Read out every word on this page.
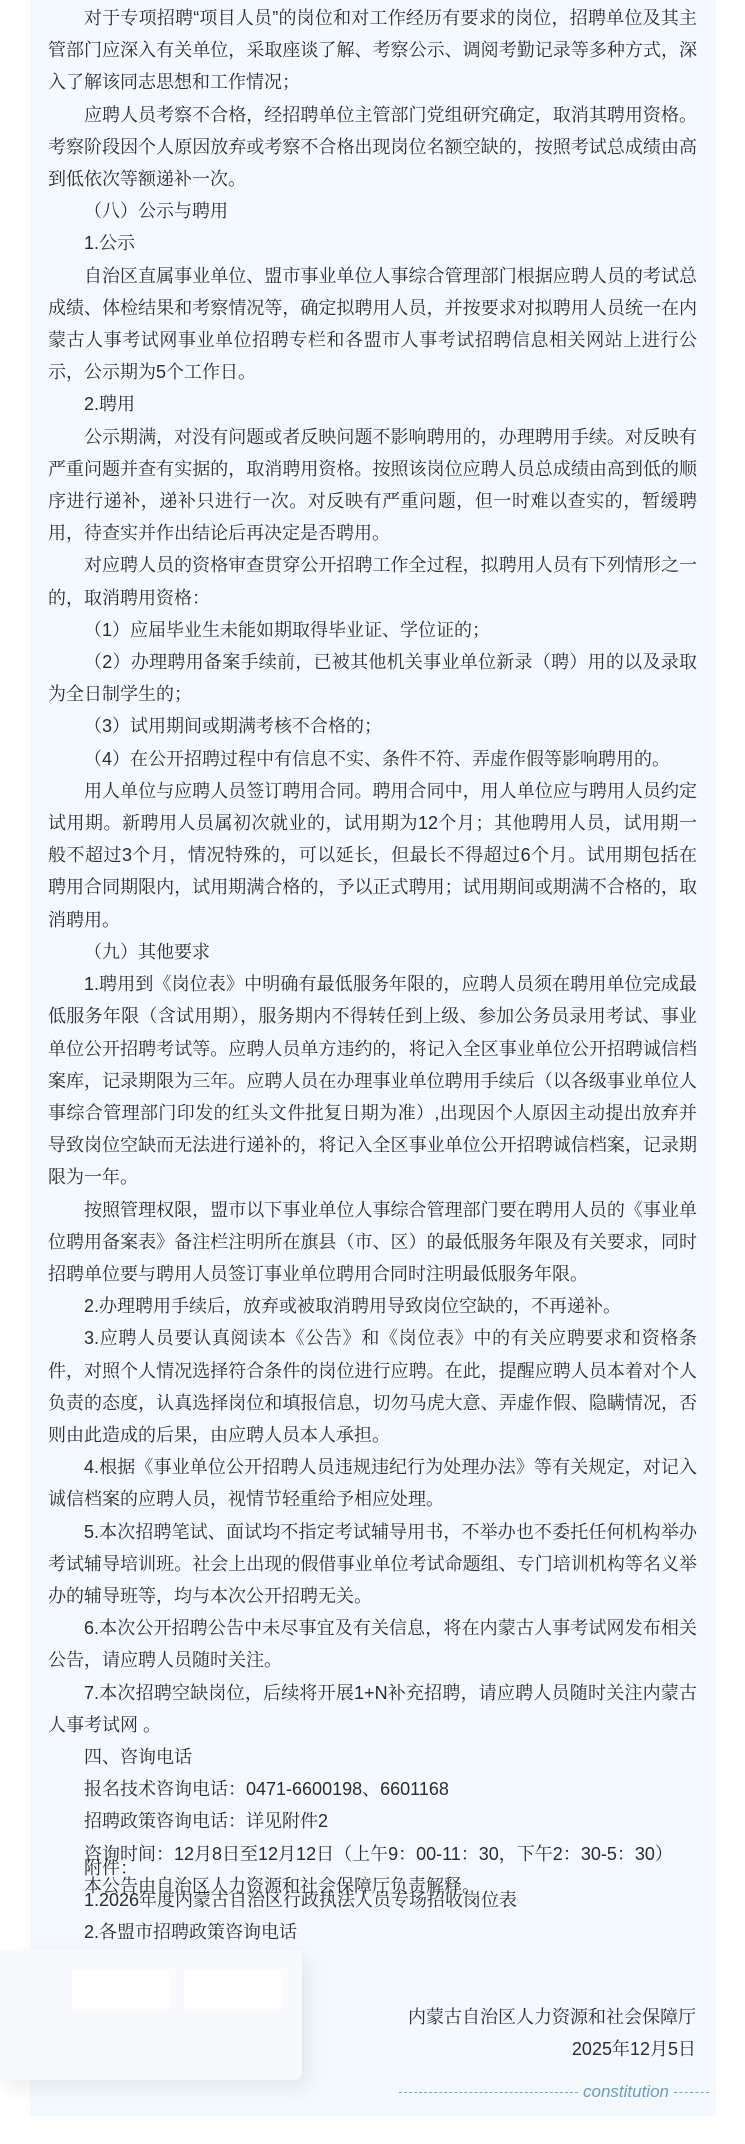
对于专项招聘“项目人员”的岗位和对工作经历有要求的岗位，招聘单位及其主管部门应深入有关单位，采取座谈了解、考察公示、调阅考勤记录等多种方式，深入了解该同志思想和工作情况；

应聘人员考察不合格，经招聘单位主管部门党组研究确定，取消其聘用资格。考察阶段因个人原因放弃或考察不合格出现岗位名额空缺的，按照考试总成绩由高到低依次等额递补一次。

（八）公示与聘用

1.公示

自治区直属事业单位、盟市事业单位人事综合管理部门根据应聘人员的考试总成绩、体检结果和考察情况等，确定拟聘用人员，并按要求对拟聘用人员统一在内蒙古人事考试网事业单位招聘专栏和各盟市人事考试招聘信息相关网站上进行公示，公示期为5个工作日。

2.聘用

公示期满，对没有问题或者反映问题不影响聘用的，办理聘用手续。对反映有严重问题并查有实据的，取消聘用资格。按照该岗位应聘人员总成绩由高到低的顺序进行递补，递补只进行一次。对反映有严重问题，但一时难以查实的，暂缓聘用，待查实并作出结论后再决定是否聘用。

对应聘人员的资格审查贯穿公开招聘工作全过程，拟聘用人员有下列情形之一的，取消聘用资格：

（1）应届毕业生未能如期取得毕业证、学位证的；

（2）办理聘用备案手续前，已被其他机关事业单位新录（聘）用的以及录取为全日制学生的；

（3）试用期间或期满考核不合格的；

（4）在公开招聘过程中有信息不实、条件不符、弄虚作假等影响聘用的。

用人单位与应聘人员签订聘用合同。聘用合同中，用人单位应与聘用人员约定试用期。新聘用人员属初次就业的，试用期为12个月；其他聘用人员，试用期一般不超过3个月，情况特殊的，可以延长，但最长不得超过6个月。试用期包括在聘用合同期限内，试用期满合格的，予以正式聘用；试用期间或期满不合格的，取消聘用。

（九）其他要求

1.聘用到《岗位表》中明确有最低服务年限的，应聘人员须在聘用单位完成最低服务年限（含试用期），服务期内不得转任到上级、参加公务员录用考试、事业单位公开招聘考试等。应聘人员单方违约的，将记入全区事业单位公开招聘诚信档案库，记录期限为三年。应聘人员在办理事业单位聘用手续后（以各级事业单位人事综合管理部门印发的红头文件批复日期为准）,出现因个人原因主动提出放弃并导致岗位空缺而无法进行递补的，将记入全区事业单位公开招聘诚信档案，记录期限为一年。

按照管理权限，盟市以下事业单位人事综合管理部门要在聘用人员的《事业单位聘用备案表》备注栏注明所在旗县（市、区）的最低服务年限及有关要求，同时招聘单位要与聘用人员签订事业单位聘用合同时注明最低服务年限。

2.办理聘用手续后，放弃或被取消聘用导致岗位空缺的，不再递补。

3.应聘人员要认真阅读本《公告》和《岗位表》中的有关应聘要求和资格条件，对照个人情况选择符合条件的岗位进行应聘。在此，提醒应聘人员本着对个人负责的态度，认真选择岗位和填报信息，切勿马虎大意、弄虚作假、隐瞒情况，否则由此造成的后果，由应聘人员本人承担。

4.根据《事业单位公开招聘人员违规违纪行为处理办法》等有关规定，对记入诚信档案的应聘人员，视情节轻重给予相应处理。

5.本次招聘笔试、面试均不指定考试辅导用书，不举办也不委托任何机构举办考试辅导培训班。社会上出现的假借事业单位考试命题组、专门培训机构等名义举办的辅导班等，均与本次公开招聘无关。

6.本次公开招聘公告中未尽事宜及有关信息，将在内蒙古人事考试网发布相关公告，请应聘人员随时关注。

7.本次招聘空缺岗位，后续将开展1+N补充招聘，请应聘人员随时关注内蒙古人事考试网 。

四、咨询电话

报名技术咨询电话：0471-6600198、6601168

招聘政策咨询电话：详见附件2

咨询时间：12月8日至12月12日（上午9：00-11：30，下午2：30-5：30）

本公告由自治区人力资源和社会保障厅负责解释。

附件：

1.2026年度内蒙古自治区行政执法人员专场招收岗位表

2.各盟市招聘政策咨询电话

内蒙古自治区人力资源和社会保障厅
2025年12月5日
constitution
